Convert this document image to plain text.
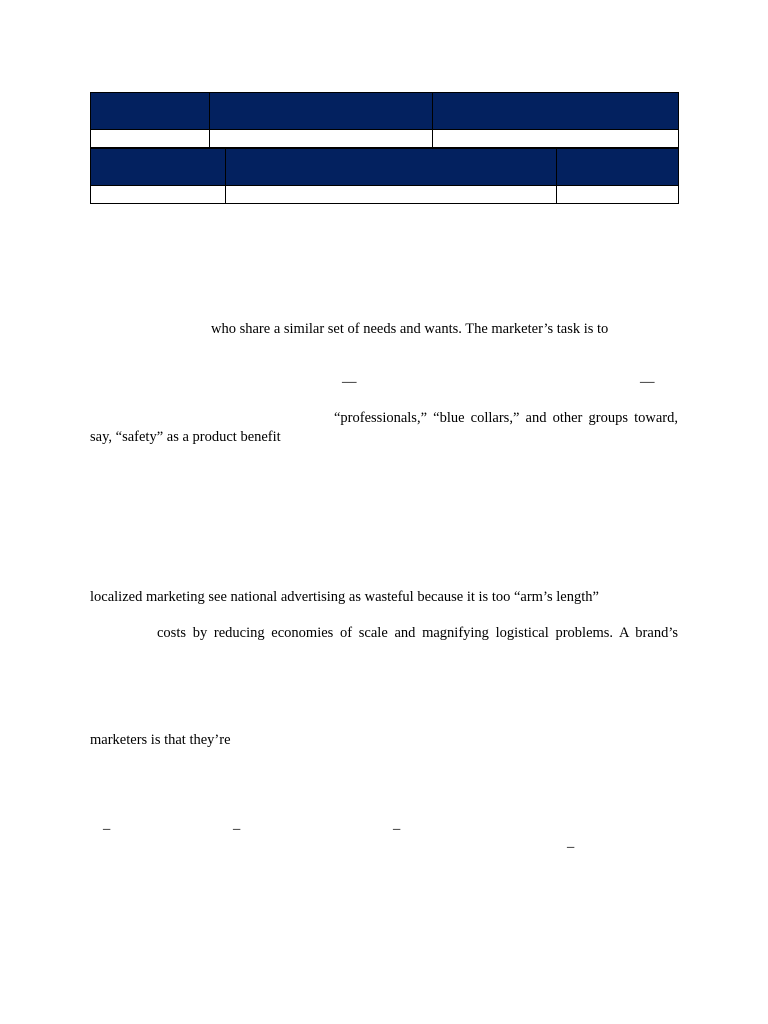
who share a similar set of needs and wants. The marketer’s task is to

—	—

“professionals,” “blue collars,” and other groups toward,

say, “safety” as a product benefit

localized marketing see national advertising as wasteful because it is too “arm’s length”

costs by reducing economies of scale and magnifying logistical problems. A brand’s

marketers is that they’re

–	–	–

–
